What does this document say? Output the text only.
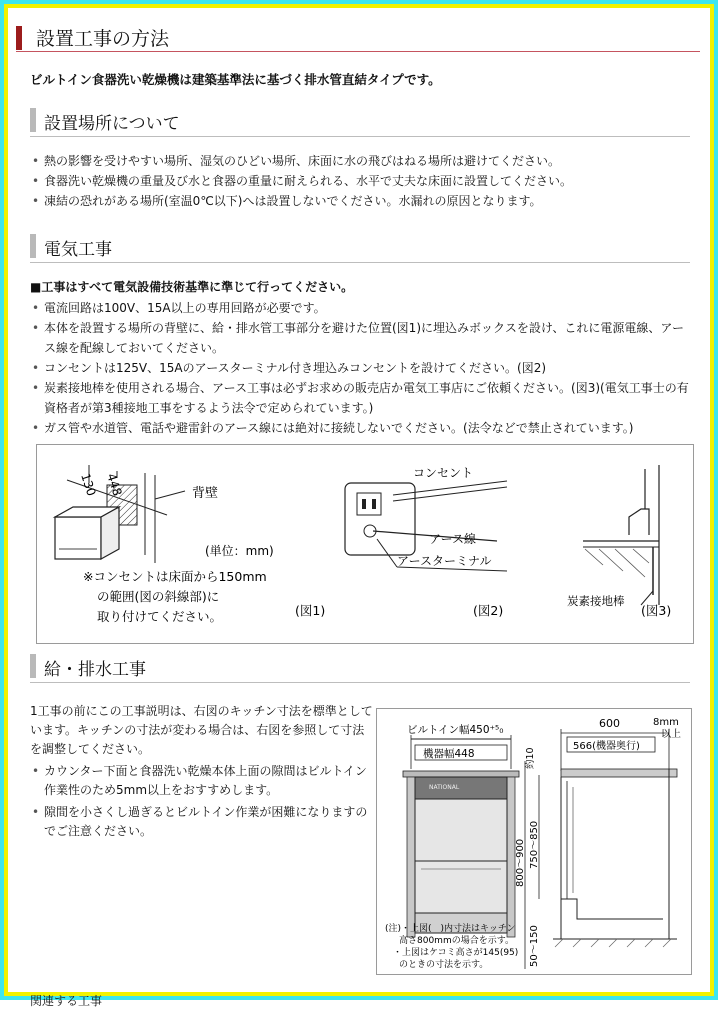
設置工事の方法
ビルトイン食器洗い乾燥機は建築基準法に基づく排水管直結タイプです。
設置場所について
• 熱の影響を受けやすい場所、湿気のひどい場所、床面に水の飛びはねる場所は避けてください。
• 食器洗い乾燥機の重量及び水と食器の重量に耐えられる、水平で丈夫な床面に設置してください。
• 凍結の恐れがある場所(室温0℃以下)へは設置しないでください。水漏れの原因となります。
電気工事
■工事はすべて電気設備技術基準に準じて行ってください。
• 電流回路は100V、15A以上の専用回路が必要です。
• 本体を設置する場所の背壁に、給・排水管工事部分を避けた位置(図1)に埋込みボックスを設け、これに電源電線、アース線を配線しておいてください。
• コンセントは125V、15Aのアースターミナル付き埋込みコンセントを設けてください。(図2)
• 炭素接地棒を使用される場合、アース工事は必ずお求めの販売店か電気工事店にご依頼ください。(図3)(電気工事士の有資格者が第3種接地工事をするよう法令で定められています。)
• ガス管や水道管、電話や避雷針のアース線には絶対に接続しないでください。(法令などで禁止されています。)
130 448	背壁
(単位：mm)
※コンセントは床面から150mm
の範囲(図の斜線部)に
取り付けてください。	(図1)
コンセント
アース線
アースターミナル
(図2)
炭素接地棒
(図3)
給・排水工事
1工事の前にこの工事説明は、右図のキッチン寸法を標準としています。キッチンの寸法が変わる場合は、右図を参照して寸法を調整してください。
• カウンター下面と食器洗い乾燥本体上面の隙間はビルトイン作業性のため5mm以上をおすすめします。
• 隙間を小さくし過ぎるとビルトイン作業が困難になりますのでご注意ください。
ビルトイン幅450⁺⁵₀
機器幅448
NATIONAL
(注)・上図(　)内寸法はキッチン
高さ800mmの場合を示す。
・上図はケコミ高さが145(95)
のときの寸法を示す。
600	8mm
以上
566(機器奥行)
約10
800〜900 750〜850
50〜150
関連する工事
